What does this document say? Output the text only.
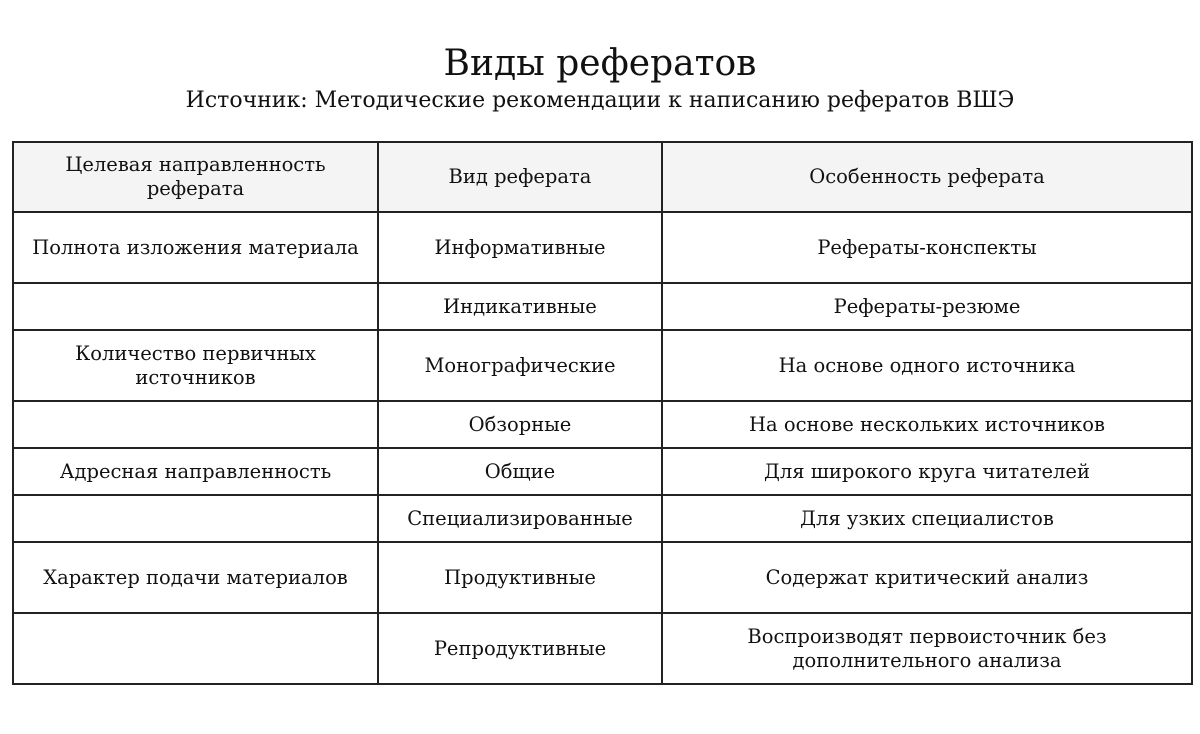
Виды рефератов
Источник: Методические рекомендации к написанию рефератов ВШЭ
Целевая направленность реферата	Вид реферата	Особенность реферата
Полнота изложения материала	Информативные	Рефераты-конспекты
	Индикативные	Рефераты-резюме
Количество первичных источников	Монографические	На основе одного источника
	Обзорные	На основе нескольких источников
Адресная направленность	Общие	Для широкого круга читателей
	Специализированные	Для узких специалистов
Характер подачи материалов	Продуктивные	Содержат критический анализ
	Репродуктивные	Воспроизводят первоисточник без дополнительного анализа
